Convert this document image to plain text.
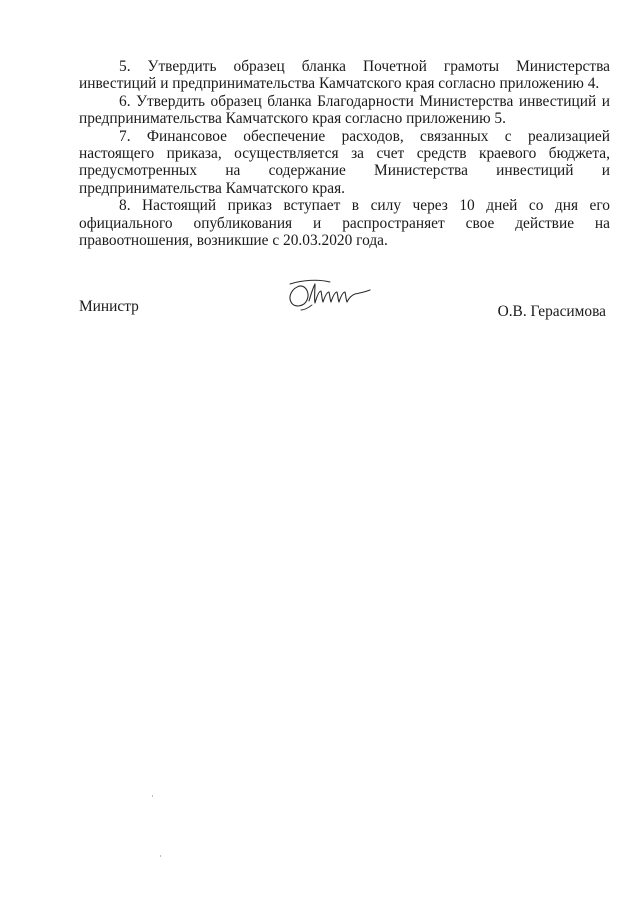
5. Утвердить образец бланка Почетной грамоты Министерства инвестиций и предпринимательства Камчатского края согласно приложению 4.

6. Утвердить образец бланка Благодарности Министерства инвестиций и предпринимательства Камчатского края согласно приложению 5.

7. Финансовое обеспечение расходов, связанных с реализацией настоящего приказа, осуществляется за счет средств краевого бюджета, предусмотренных на содержание Министерства инвестиций и предпринимательства Камчатского края.

8. Настоящий приказ вступает в силу через 10 дней со дня его официального опубликования и распространяет свое действие на правоотношения, возникшие с 20.03.2020 года.

Министр	О.В. Герасимова
